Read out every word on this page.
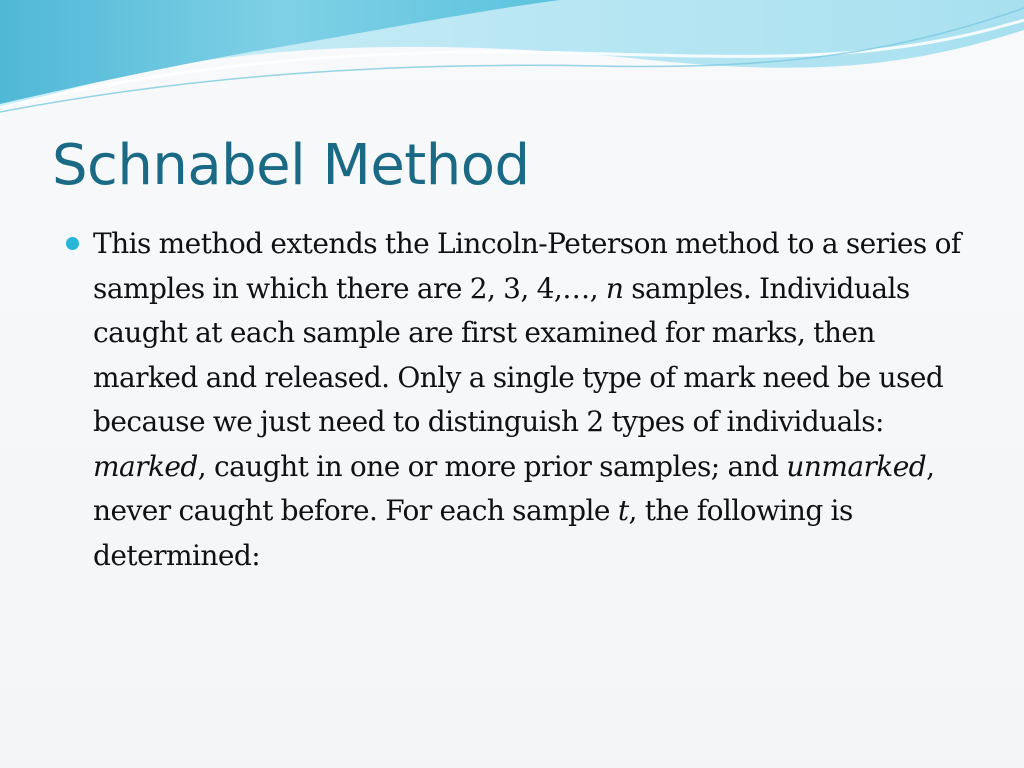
Schnabel Method
This method extends the Lincoln-Peterson method to a series of samples in which there are 2, 3, 4,…, n samples. Individuals caught at each sample are first examined for marks, then marked and released. Only a single type of mark need be used because we just need to distinguish 2 types of individuals: marked, caught in one or more prior samples; and unmarked, never caught before. For each sample t, the following is determined:
